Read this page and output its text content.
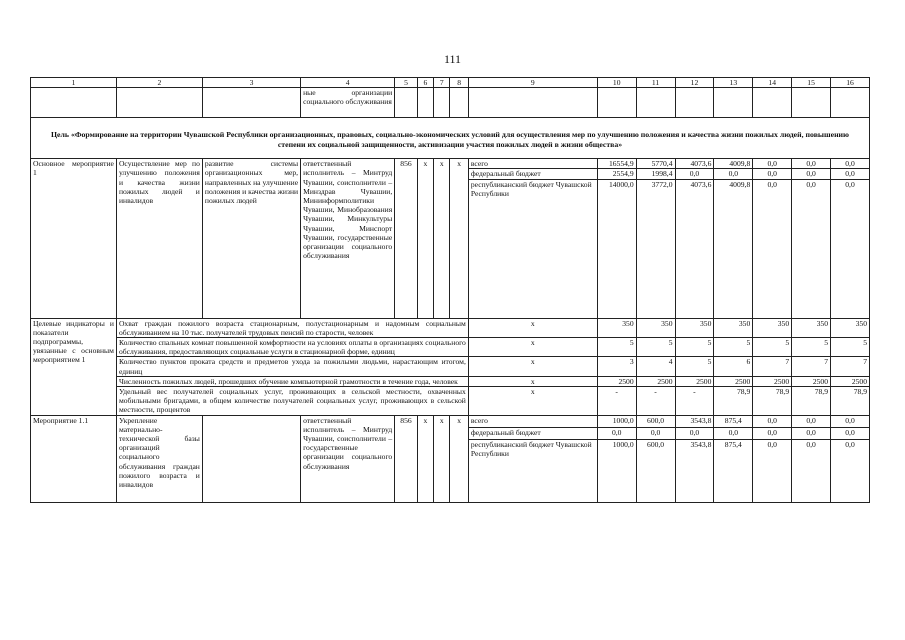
111
1	2	3	4	5	6	7	8	9	10	11	12	13	14	15	16
			ные организации социального обслуживания												
Цель «Формирование на территории Чувашской Республики организационных, правовых, социально-экономических условий для осуществления мер по улучшению положения и качества жизни пожилых людей, повышению степени их социальной защищенности, активизации участия пожилых людей в жизни общества»															
Основное мероприятие 1	Осуществление мер по улучшению положения и качества жизни пожилых людей и инвалидов	развитие системы организационных мер, направленных на улучшение положения и качества жизни пожилых людей	ответственный исполнитель – Минтруд Чувашии, соисполнители – Минздрав Чувашии, Мининформполитики Чувашии, Минобразования Чувашии, Минкультуры Чувашии, Минспорт Чувашии, государственные организации социального обслуживания	856	x	x	x	всего	16554,9	5770,4	4073,6	4009,8	0,0	0,0	0,0
								федеральный бюджет	2554,9	1998,4	0,0	0,0	0,0	0,0	0,0
								республиканский бюджет Чувашской Республики	14000,0	3772,0	4073,6	4009,8	0,0	0,0	0,0
Целевые индикаторы и показатели подпрограммы, увязанные с основным мероприятием 1	Охват граждан пожилого возраста стационарным, полустационарным и надомным социальным обслуживанием на 10 тыс. получателей трудовых пенсий по старости, человек							x	350	350	350	350	350	350	350
	Количество спальных комнат повышенной комфортности на условиях оплаты в организациях социального обслуживания, предоставляющих социальные услуги в стационарной форме, единиц							x	5	5	5	5	5	5	5
	Количество пунктов проката средств и предметов ухода за пожилыми людьми, нарастающим итогом, единиц							x	3	4	5	6	7	7	7
	Численность пожилых людей, прошедших обучение компьютерной грамотности в течение года, человек							x	2500	2500	2500	2500	2500	2500	2500
	Удельный вес получателей социальных услуг, проживающих в сельской местности, охваченных мобильными бригадами, в общем количестве получателей социальных услуг, проживающих в сельской местности, процентов							x	-	-	-	78,9	78,9	78,9	78,9
Мероприятие 1.1	Укрепление материально-технической базы организаций социального обслуживания граждан пожилого возраста и инвалидов		ответственный исполнитель – Минтруд Чувашии, соисполнители – государственные организации социального обслуживания	856	x	x	x	всего	1000,0	600,0	3543,8	875,4	0,0	0,0	0,0
								федеральный бюджет	0,0	0,0	0,0	0,0	0,0	0,0	0,0
								республиканский бюджет Чувашской Республики	1000,0	600,0	3543,8	875,4	0,0	0,0	0,0
